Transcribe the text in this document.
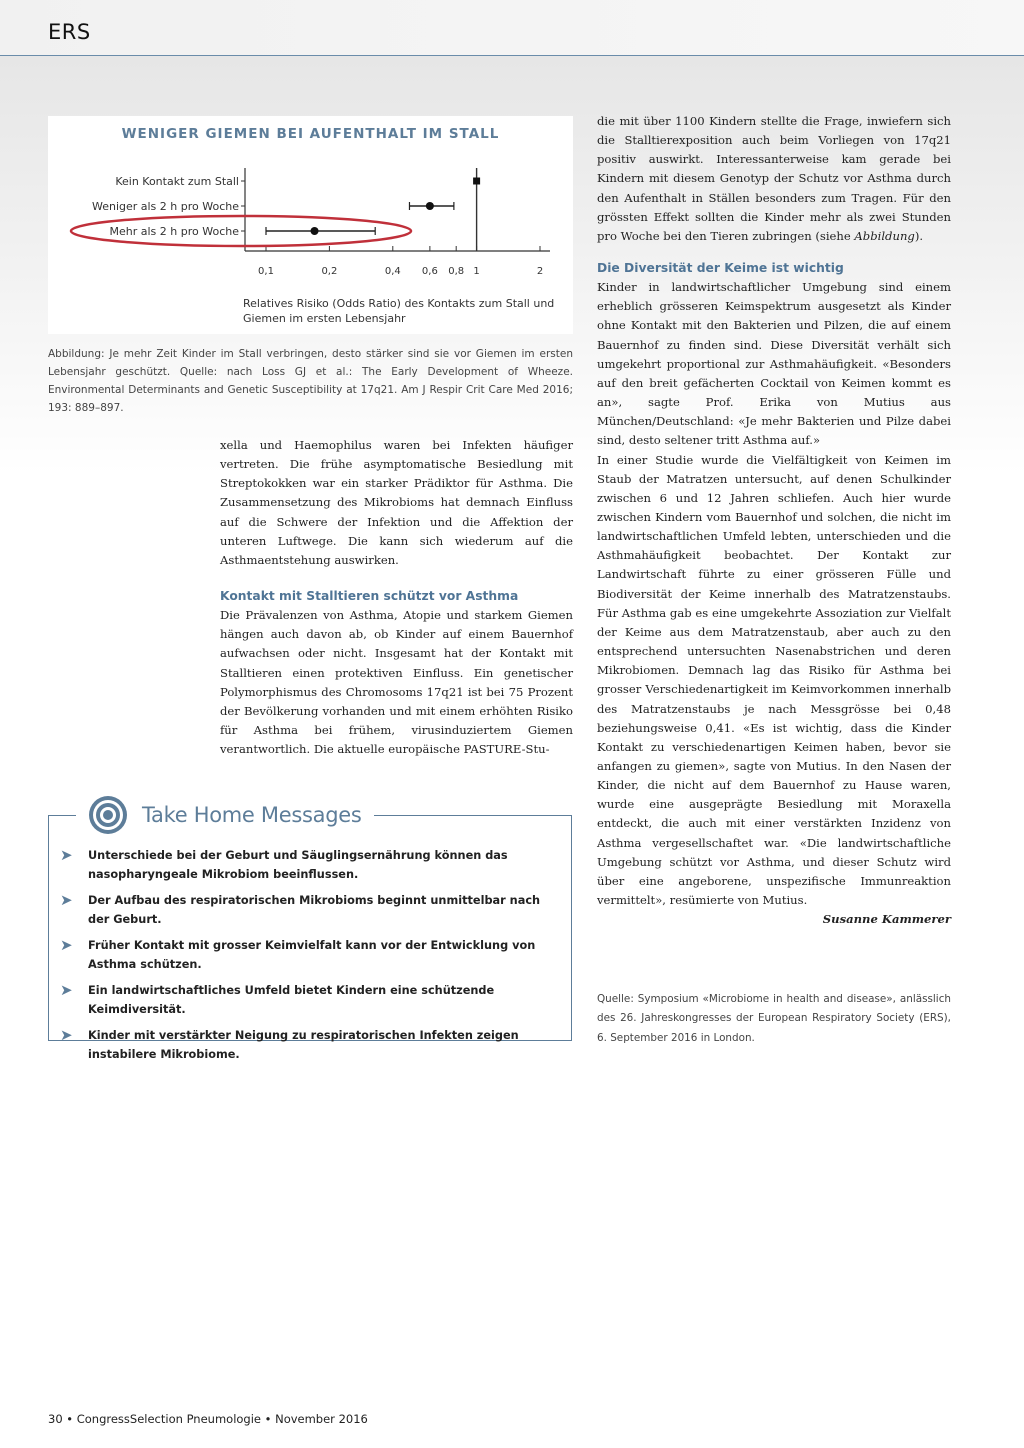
ERS
WENIGER GIEMEN BEI AUFENTHALT IM STALL
Kein Kontakt zum Stall
Weniger als 2 h pro Woche
Mehr als 2 h pro Woche
0,1	0,2	0,4 0,6 0,8 1	2
Relatives Risiko (Odds Ratio) des Kontakts zum Stall und
Giemen im ersten Lebensjahr
Abbildung: Je mehr Zeit Kinder im Stall verbringen, desto stärker sind sie vor Giemen im ersten Lebensjahr geschützt. Quelle: nach Loss GJ et al.: The Early Development of Wheeze. Environmental Determinants and Genetic Susceptibility at 17q21. Am J Respir Crit Care Med 2016; 193: 889–897.

xella und Haemophilus waren bei Infekten häufiger vertreten. Die frühe asymptomatische Besiedlung mit Streptokokken war ein starker Prädiktor für Asthma. Die Zusammensetzung des Mikrobioms hat demnach Einfluss auf die Schwere der Infektion und die Affektion der unteren Luftwege. Die kann sich wiederum auf die Asthmaentstehung auswirken.

Kontakt mit Stalltieren schützt vor Asthma

Die Prävalenzen von Asthma, Atopie und starkem Giemen hängen auch davon ab, ob Kinder auf einem Bauernhof aufwachsen oder nicht. Insgesamt hat der Kontakt mit Stalltieren einen protektiven Einfluss. Ein genetischer Polymorphismus des Chromosoms 17q21 ist bei 75 Prozent der Bevölkerung vorhanden und mit einem erhöhten Risiko für Asthma bei frühem, virusinduziertem Giemen verantwortlich. Die aktuelle europäische PASTURE-Stu-

die mit über 1100 Kindern stellte die Frage, inwiefern sich die Stalltierexposition auch beim Vorliegen von 17q21 positiv auswirkt. Interessanterweise kam gerade bei Kindern mit diesem Genotyp der Schutz vor Asthma durch den Aufenthalt in Ställen besonders zum Tragen. Für den grössten Effekt sollten die Kinder mehr als zwei Stunden pro Woche bei den Tieren zubringen (siehe Abbildung).

Die Diversität der Keime ist wichtig

Kinder in landwirtschaftlicher Umgebung sind einem erheblich grösseren Keimspektrum ausgesetzt als Kinder ohne Kontakt mit den Bakterien und Pilzen, die auf einem Bauernhof zu finden sind. Diese Diversität verhält sich umgekehrt proportional zur Asthmahäufigkeit. «Besonders auf den breit gefächerten Cocktail von Keimen kommt es an», sagte Prof. Erika von Mutius aus München/Deutschland: «Je mehr Bakterien und Pilze dabei sind, desto seltener tritt Asthma auf.»

In einer Studie wurde die Vielfältigkeit von Keimen im Staub der Matratzen untersucht, auf denen Schulkinder zwischen 6 und 12 Jahren schliefen. Auch hier wurde zwischen Kindern vom Bauernhof und solchen, die nicht im landwirtschaftlichen Umfeld lebten, unterschieden und die Asthmahäufigkeit beobachtet. Der Kontakt zur Landwirtschaft führte zu einer grösseren Fülle und Biodiversität der Keime innerhalb des Matratzenstaubs. Für Asthma gab es eine umgekehrte Assoziation zur Vielfalt der Keime aus dem Matratzenstaub, aber auch zu den entsprechend untersuchten Nasenabstrichen und deren Mikrobiomen. Demnach lag das Risiko für Asthma bei grosser Verschiedenartigkeit im Keimvorkommen innerhalb des Matratzenstaubs je nach Messgrösse bei 0,48 beziehungsweise 0,41. «Es ist wichtig, dass die Kinder Kontakt zu verschiedenartigen Keimen haben, bevor sie anfangen zu giemen», sagte von Mutius. In den Nasen der Kinder, die nicht auf dem Bauernhof zu Hause waren, wurde eine ausgeprägte Besiedlung mit Moraxella entdeckt, die auch mit einer verstärkten Inzidenz von Asthma vergesellschaftet war. «Die landwirtschaftliche Umgebung schützt vor Asthma, und dieser Schutz wird über eine angeborene, unspezifische Immunreaktion vermittelt», resümierte von Mutius.

Susanne Kammerer

Quelle: Symposium «Microbiome in health and disease», anlässlich des 26. Jahreskongresses der European Respiratory Society (ERS), 6. September 2016 in London.
Take Home Messages
➤ Unterschiede bei der Geburt und Säuglingsernährung können das nasopharyngeale Mikrobiom beeinflussen.
➤ Der Aufbau des respiratorischen Mikrobioms beginnt unmittelbar nach der Geburt.
➤ Früher Kontakt mit grosser Keimvielfalt kann vor der Entwicklung von Asthma schützen.
➤ Ein landwirtschaftliches Umfeld bietet Kindern eine schützende Keimdiversität.
➤ Kinder mit verstärkter Neigung zu respiratorischen Infekten zeigen instabilere Mikrobiome.
30 • CongressSelection Pneumologie • November 2016
